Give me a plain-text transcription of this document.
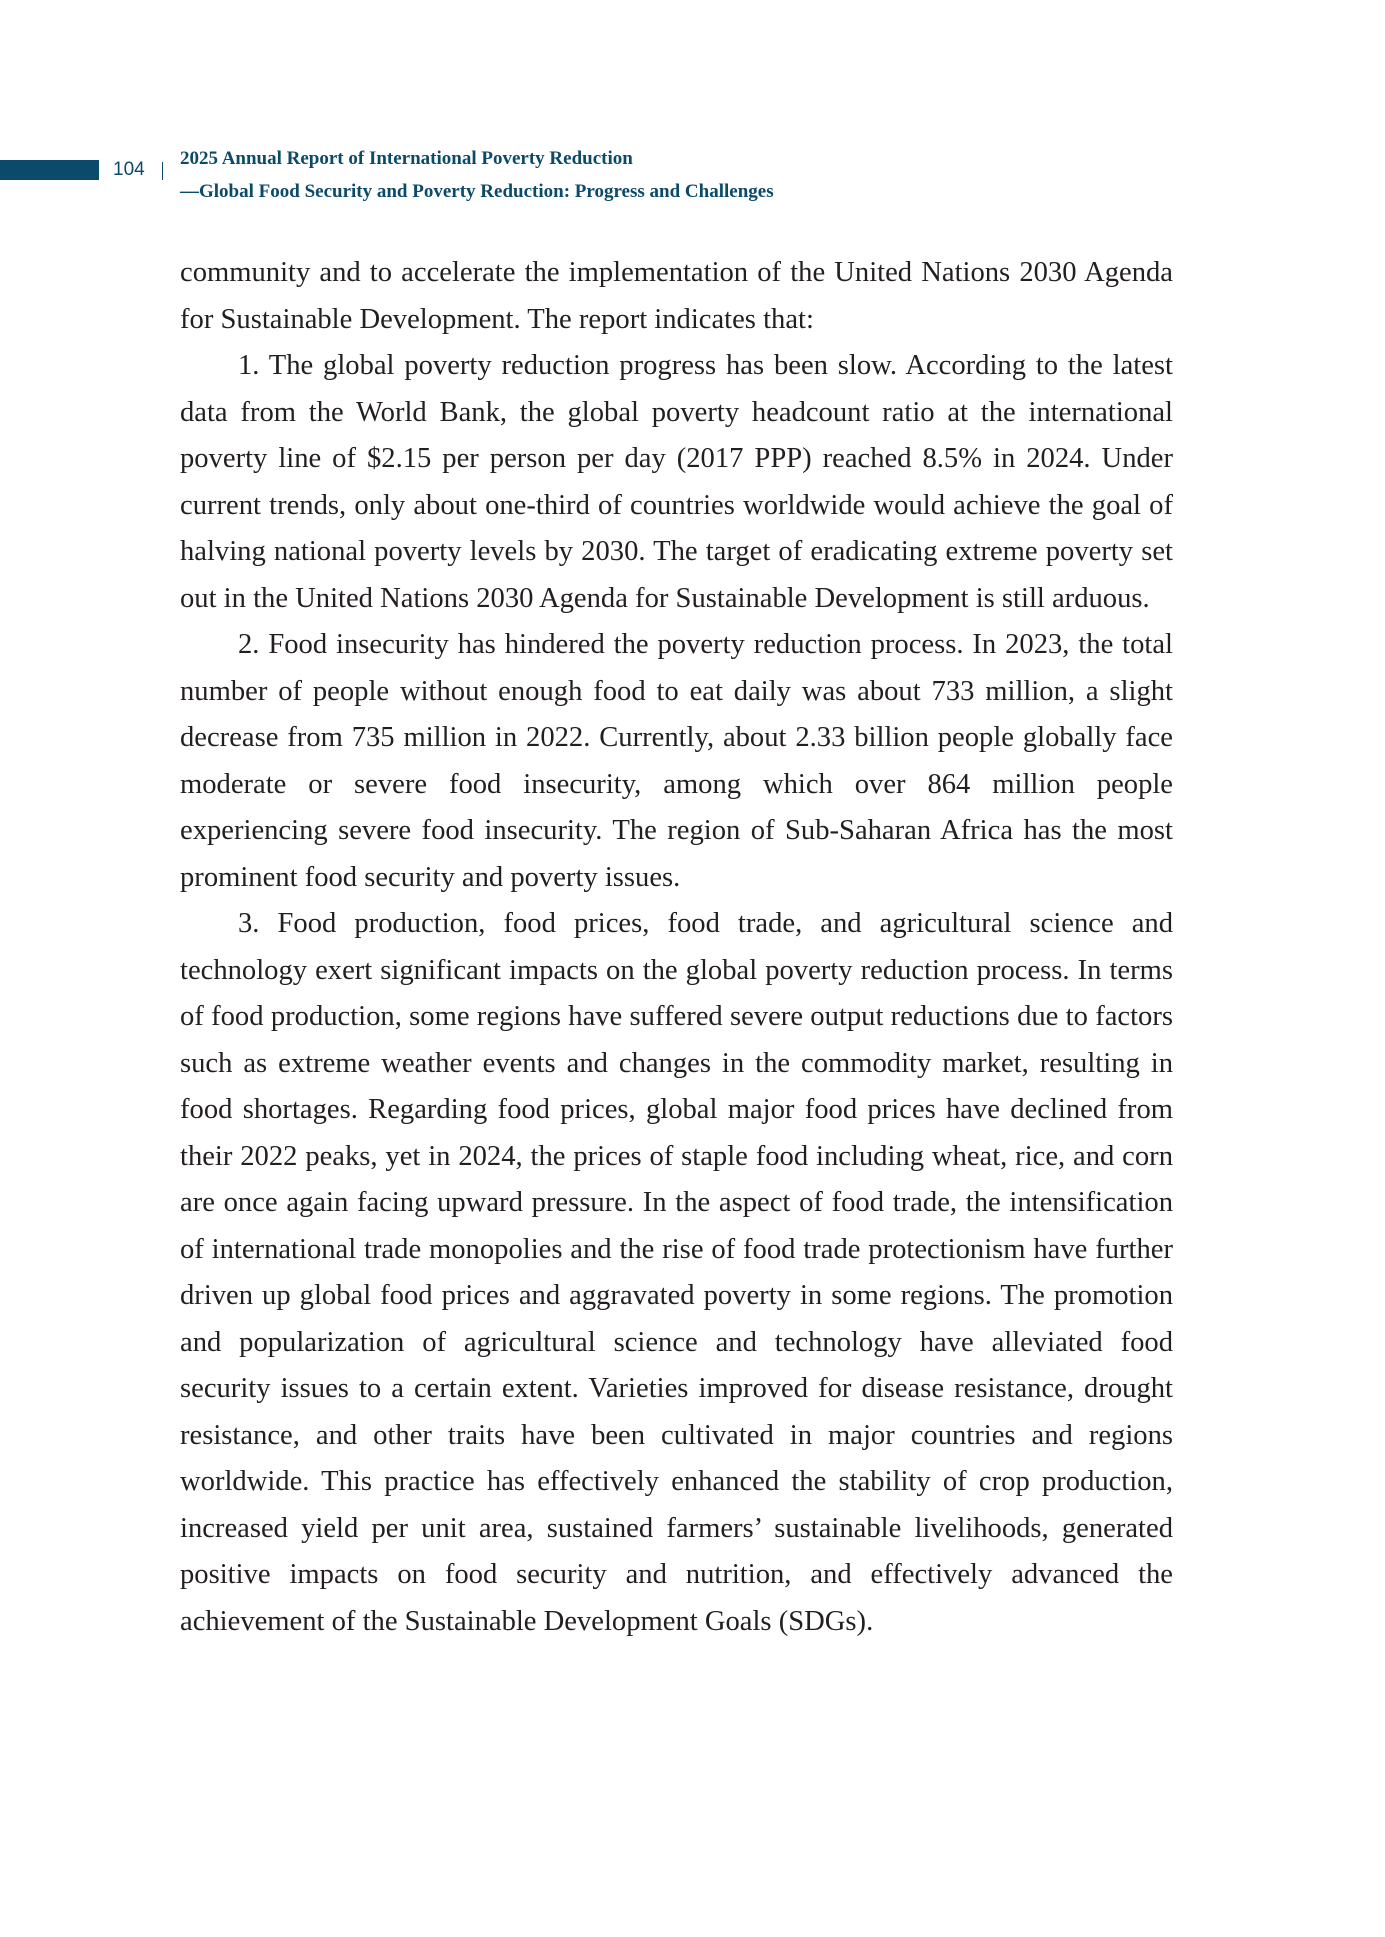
104
2025 Annual Report of International Poverty Reduction
—Global Food Security and Poverty Reduction: Progress and Challenges

community and to accelerate the implementation of the United Nations 2030 Agenda for Sustainable Development. The report indicates that:

1. The global poverty reduction progress has been slow. According to the latest data from the World Bank, the global poverty headcount ratio at the international poverty line of $2.15 per person per day (2017 PPP) reached 8.5% in 2024. Under current trends, only about one-third of countries worldwide would achieve the goal of halving national poverty levels by 2030. The target of eradicating extreme poverty set out in the United Nations 2030 Agenda for Sustainable Development is still arduous.

2. Food insecurity has hindered the poverty reduction process. In 2023, the total number of people without enough food to eat daily was about 733 million, a slight decrease from 735 million in 2022. Currently, about 2.33 billion people globally face moderate or severe food insecurity, among which over 864 million people experiencing severe food insecurity. The region of Sub-Saharan Africa has the most prominent food security and poverty issues.

3. Food production, food prices, food trade, and agricultural science and technology exert significant impacts on the global poverty reduction process. In terms of food production, some regions have suffered severe output reductions due to factors such as extreme weather events and changes in the commodity market, resulting in food shortages. Regarding food prices, global major food prices have declined from their 2022 peaks, yet in 2024, the prices of staple food including wheat, rice, and corn are once again facing upward pressure. In the aspect of food trade, the intensification of international trade monopolies and the rise of food trade protectionism have further driven up global food prices and aggravated poverty in some regions. The promotion and popularization of agricultural science and technology have alleviated food security issues to a certain extent. Varieties improved for disease resistance, drought resistance, and other traits have been cultivated in major countries and regions worldwide. This practice has effectively enhanced the stability of crop production, increased yield per unit area, sustained farmers’ sustainable livelihoods, generated positive impacts on food security and nutrition, and effectively advanced the achievement of the Sustainable Development Goals (SDGs).
